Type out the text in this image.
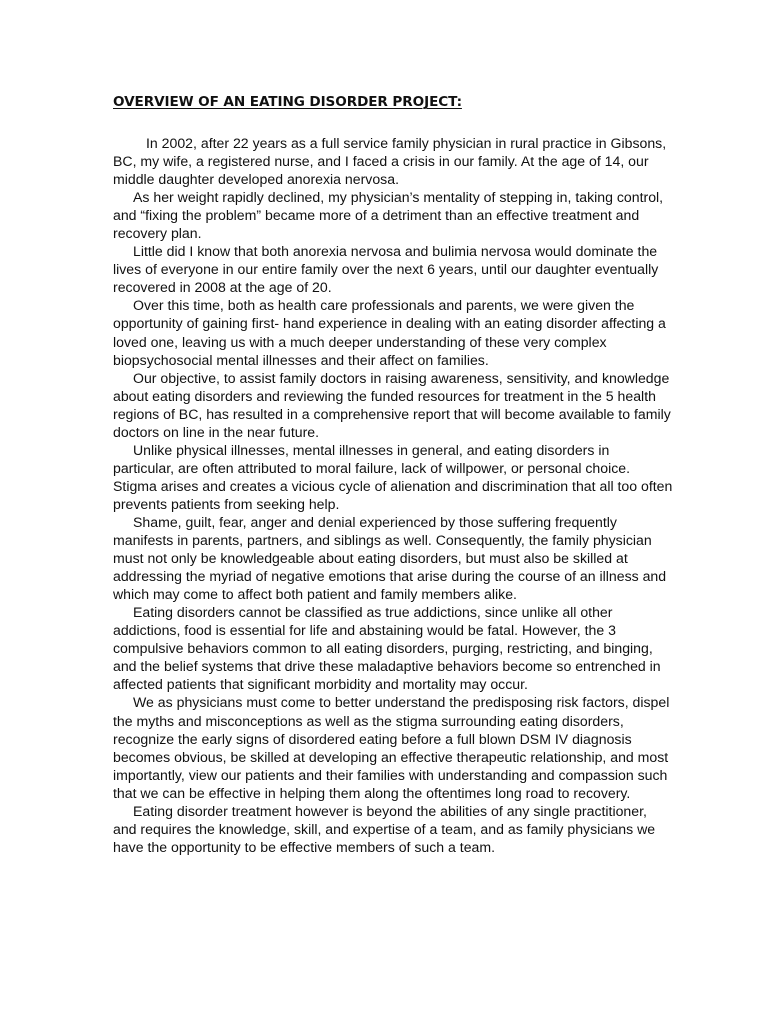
OVERVIEW OF AN EATING DISORDER PROJECT:

In 2002, after 22 years as a full service family physician in rural practice in Gibsons, BC, my wife, a registered nurse, and I faced a crisis in our family. At the age of 14, our middle daughter developed anorexia nervosa.

As her weight rapidly declined, my physician’s mentality of stepping in, taking control, and “fixing the problem” became more of a detriment than an effective treatment and recovery plan.

Little did I know that both anorexia nervosa and bulimia nervosa would dominate the lives of everyone in our entire family over the next 6 years, until our daughter eventually recovered in 2008 at the age of 20.

Over this time, both as health care professionals and parents, we were given the opportunity of gaining first- hand experience in dealing with an eating disorder affecting a loved one, leaving us with a much deeper understanding of these very complex biopsychosocial mental illnesses and their affect on families.

Our objective, to assist family doctors in raising awareness, sensitivity, and knowledge about eating disorders and reviewing the funded resources for treatment in the 5 health regions of BC, has resulted in a comprehensive report that will become available to family doctors on line in the near future.

Unlike physical illnesses, mental illnesses in general, and eating disorders in particular, are often attributed to moral failure, lack of willpower, or personal choice. Stigma arises and creates a vicious cycle of alienation and discrimination that all too often prevents patients from seeking help.

Shame, guilt, fear, anger and denial experienced by those suffering frequently manifests in parents, partners, and siblings as well. Consequently, the family physician must not only be knowledgeable about eating disorders, but must also be skilled at addressing the myriad of negative emotions that arise during the course of an illness and which may come to affect both patient and family members alike.

Eating disorders cannot be classified as true addictions, since unlike all other addictions, food is essential for life and abstaining would be fatal. However, the 3 compulsive behaviors common to all eating disorders, purging, restricting, and binging, and the belief systems that drive these maladaptive behaviors become so entrenched in affected patients that significant morbidity and mortality may occur.

We as physicians must come to better understand the predisposing risk factors, dispel the myths and misconceptions as well as the stigma surrounding eating disorders, recognize the early signs of disordered eating before a full blown DSM IV diagnosis becomes obvious, be skilled at developing an effective therapeutic relationship, and most importantly, view our patients and their families with understanding and compassion such that we can be effective in helping them along the oftentimes long road to recovery.

Eating disorder treatment however is beyond the abilities of any single practitioner, and requires the knowledge, skill, and expertise of a team, and as family physicians we have the opportunity to be effective members of such a team.
